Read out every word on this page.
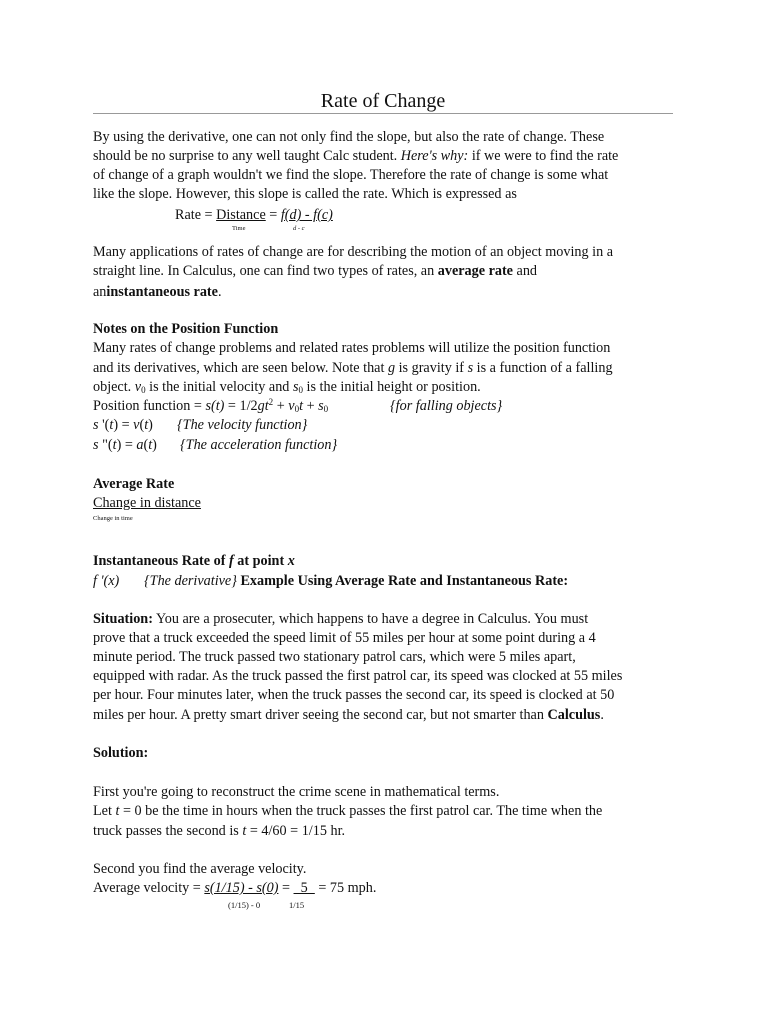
Rate of Change
By using the derivative, one can not only find the slope, but also the rate of change. These
should be no surprise to any well taught Calc student. Here's why: if we were to find the rate
of change of a graph wouldn't we find the slope. Therefore the rate of change is some what
like the slope. However, this slope is called the rate. Which is expressed as
Rate = Distance = f(d) - f(c)
Time	d - c
Many applications of rates of change are for describing the motion of an object moving in a
straight line. In Calculus, one can find two types of rates, an average rate and
aninstantaneous rate.
Notes on the Position Function
Many rates of change problems and related rates problems will utilize the position function
and its derivatives, which are seen below. Note that g is gravity if s is a function of a falling
object. $v_0$ is the initial velocity and $s_0$ is the initial height or position.
Position function = $s(t) = 1/2gt^2 + v_0t + s_0$	{for falling objects}
s '(t) = v(t) {The velocity function}
s "(t) = a(t) {The acceleration function}
Average Rate
Change in distance
Change in time
Instantaneous Rate of f at point x
f '(x) {The derivative} Example Using Average Rate and Instantaneous Rate:
Situation: You are a prosecuter, which happens to have a degree in Calculus. You must
prove that a truck exceeded the speed limit of 55 miles per hour at some point during a 4
minute period. The truck passed two stationary patrol cars, which were 5 miles apart,
equipped with radar. As the truck passed the first patrol car, its speed was clocked at 55 miles
per hour. Four minutes later, when the truck passes the second car, its speed is clocked at 50
miles per hour. A pretty smart driver seeing the second car, but not smarter than Calculus.
Solution:
First you're going to reconstruct the crime scene in mathematical terms.
Let t = 0 be the time in hours when the truck passes the first patrol car. The time when the
truck passes the second is t = 4/60 = 1/15 hr.
Second you find the average velocity.
Average velocity = s(1/15) - s(0) =   5   = 75 mph.
(1/15) - 0	1/15
